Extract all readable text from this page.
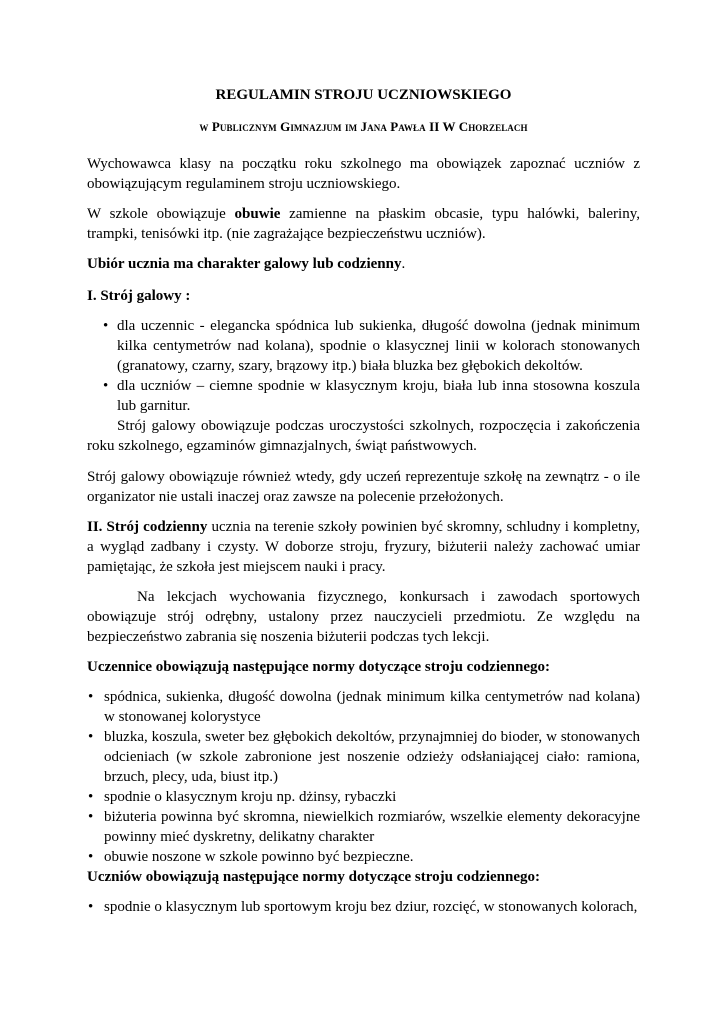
REGULAMIN STROJU UCZNIOWSKIEGO
w Publicznym Gimnazjum im Jana Pawła II W Chorzelach

Wychowawca klasy na początku roku szkolnego ma obowiązek zapoznać uczniów z obowiązującym regulaminem stroju uczniowskiego.

W szkole obowiązuje obuwie zamienne na płaskim obcasie, typu halówki, baleriny, trampki, tenisówki itp. (nie zagrażające bezpieczeństwu uczniów).

Ubiór ucznia ma charakter galowy lub codzienny.

I. Strój galowy :
• dla uczennic - elegancka spódnica lub sukienka, długość dowolna (jednak minimum kilka centymetrów nad kolana), spodnie o klasycznej linii w kolorach stonowanych (granatowy, czarny, szary, brązowy itp.) biała bluzka bez głębokich dekoltów.
• dla uczniów – ciemne spodnie w klasycznym kroju, biała lub inna stosowna koszula lub garnitur.

Strój galowy obowiązuje podczas uroczystości szkolnych, rozpoczęcia i zakończenia roku szkolnego, egzaminów gimnazjalnych, świąt państwowych.

Strój galowy obowiązuje również wtedy, gdy uczeń reprezentuje szkołę na zewnątrz - o ile organizator nie ustali inaczej oraz zawsze na polecenie przełożonych.

II. Strój codzienny ucznia na terenie szkoły powinien być skromny, schludny i kompletny, a wygląd zadbany i czysty. W doborze stroju, fryzury, biżuterii należy zachować umiar pamiętając, że szkoła jest miejscem nauki i pracy.

Na lekcjach wychowania fizycznego, konkursach i zawodach sportowych obowiązuje strój odrębny, ustalony przez nauczycieli przedmiotu. Ze względu na bezpieczeństwo zabrania się noszenia biżuterii podczas tych lekcji.

Uczennice obowiązują następujące normy dotyczące stroju codziennego:
• spódnica, sukienka, długość dowolna (jednak minimum kilka centymetrów nad kolana) w stonowanej kolorystyce
• bluzka, koszula, sweter bez głębokich dekoltów, przynajmniej do bioder, w stonowanych odcieniach (w szkole zabronione jest noszenie odzieży odsłaniającej ciało: ramiona, brzuch, plecy, uda, biust itp.)
• spodnie o klasycznym kroju np. dżinsy, rybaczki
• biżuteria powinna być skromna, niewielkich rozmiarów, wszelkie elementy dekoracyjne powinny mieć dyskretny, delikatny charakter
• obuwie noszone w szkole powinno być bezpieczne.
Uczniów obowiązują następujące normy dotyczące stroju codziennego:
• spodnie o klasycznym lub sportowym kroju bez dziur, rozcięć, w stonowanych kolorach,
